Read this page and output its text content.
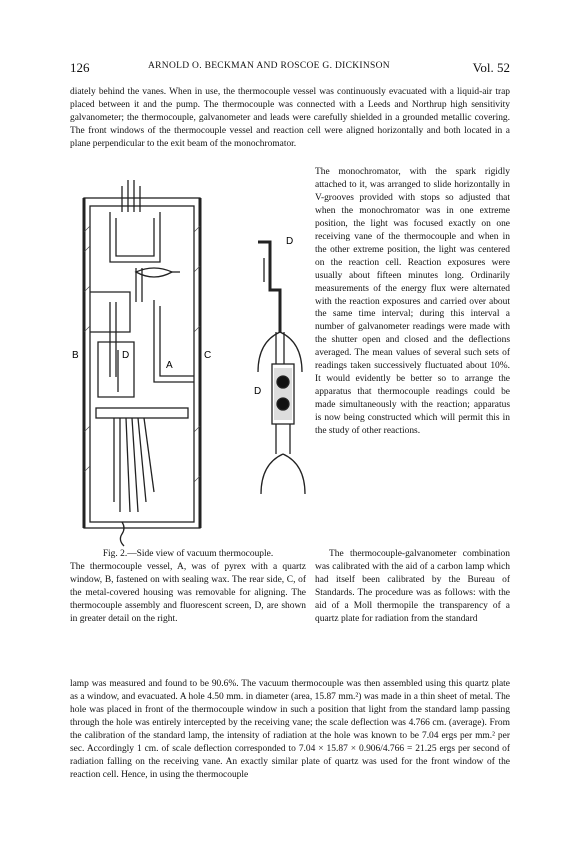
126	ARNOLD O. BECKMAN AND ROSCOE G. DICKINSON	Vol. 52

diately behind the vanes. When in use, the thermocouple vessel was continuously evacuated with a liquid-air trap placed between it and the pump. The thermocouple was connected with a Leeds and Northrup high sensitivity galvanometer; the thermocouple, galvanometer and leads were carefully shielded in a grounded metallic covering. The front windows of the thermocouple vessel and reaction cell were aligned horizontally and both located in a plane perpendicular to the exit beam of the monochromator.

B	D
A
C
D
D

The monochromator, with the spark rigidly attached to it, was arranged to slide horizontally in V-grooves provided with stops so adjusted that when the monochromator was in one extreme position, the light was focused exactly on one receiving vane of the thermocouple and when in the other extreme position, the light was centered on the reaction cell. Reaction exposures were usually about fifteen minutes long. Ordinarily measurements of the energy flux were alternated with the reaction exposures and carried over about the same time interval; during this interval a number of galvanometer readings were made with the shutter open and closed and the deflections averaged. The mean values of several such sets of readings taken successively fluctuated about 10%. It would evidently be better so to arrange the apparatus that thermocouple readings could be made simultaneously with the reaction; apparatus is now being constructed which will permit this in the study of other reactions.

Fig. 2.—Side view of vacuum thermocouple.
The thermocouple vessel, A, was of pyrex with a quartz window, B, fastened on with sealing wax. The rear side, C, of the metal-covered housing was removable for aligning. The thermocouple assembly and fluorescent screen, D, are shown in greater detail on the right.

The thermocouple-galvanometer combination was calibrated with the aid of a carbon lamp which had itself been calibrated by the Bureau of Standards. The procedure was as follows: with the aid of a Moll thermopile the transparency of a quartz plate for radiation from the standard

lamp was measured and found to be 90.6%. The vacuum thermocouple was then assembled using this quartz plate as a window, and evacuated. A hole 4.50 mm. in diameter (area, 15.87 mm.²) was made in a thin sheet of metal. The hole was placed in front of the thermocouple window in such a position that light from the standard lamp passing through the hole was entirely intercepted by the receiving vane; the scale deflection was 4.766 cm. (average). From the calibration of the standard lamp, the intensity of radiation at the hole was known to be 7.04 ergs per mm.² per sec. Accordingly 1 cm. of scale deflection corresponded to 7.04 × 15.87 × 0.906/4.766 = 21.25 ergs per second of radiation falling on the receiving vane. An exactly similar plate of quartz was used for the front window of the reaction cell. Hence, in using the thermocouple
